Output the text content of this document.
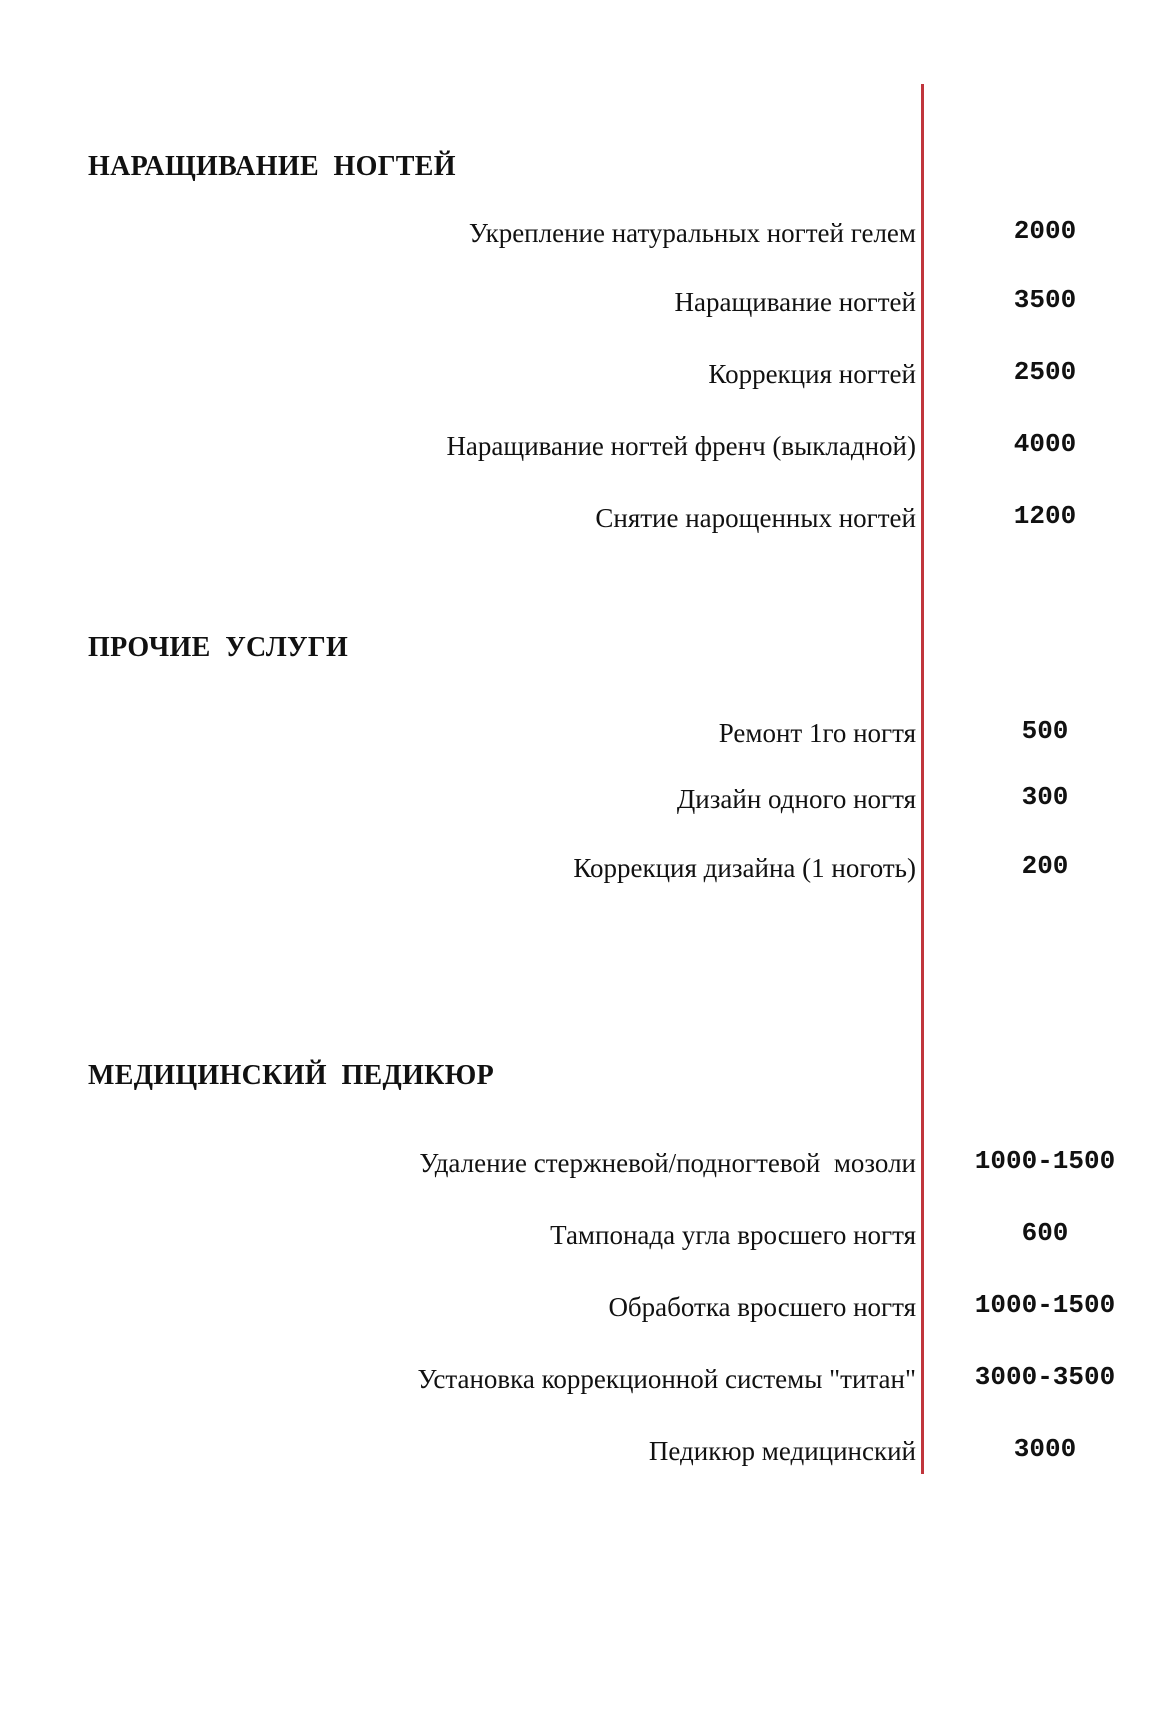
НАРАЩИВАНИЕ  НОГТЕЙ
Укрепление натуральных ногтей гелем	2000
Наращивание ногтей	3500
Коррекция ногтей	2500
Наращивание ногтей френч (выкладной)	4000
Снятие нарощенных ногтей	1200
ПРОЧИЕ  УСЛУГИ
Ремонт 1го ногтя	500
Дизайн одного ногтя	300
Коррекция дизайна (1 ноготь)	200
МЕДИЦИНСКИЙ  ПЕДИКЮР
Удаление стержневой/подногтевой  мозоли 1000-1500
Тампонада угла вросшего ногтя	600
Обработка вросшего ногтя 1000-1500
Установка коррекционной системы "титан" 3000-3500
Педикюр медицинский	3000
